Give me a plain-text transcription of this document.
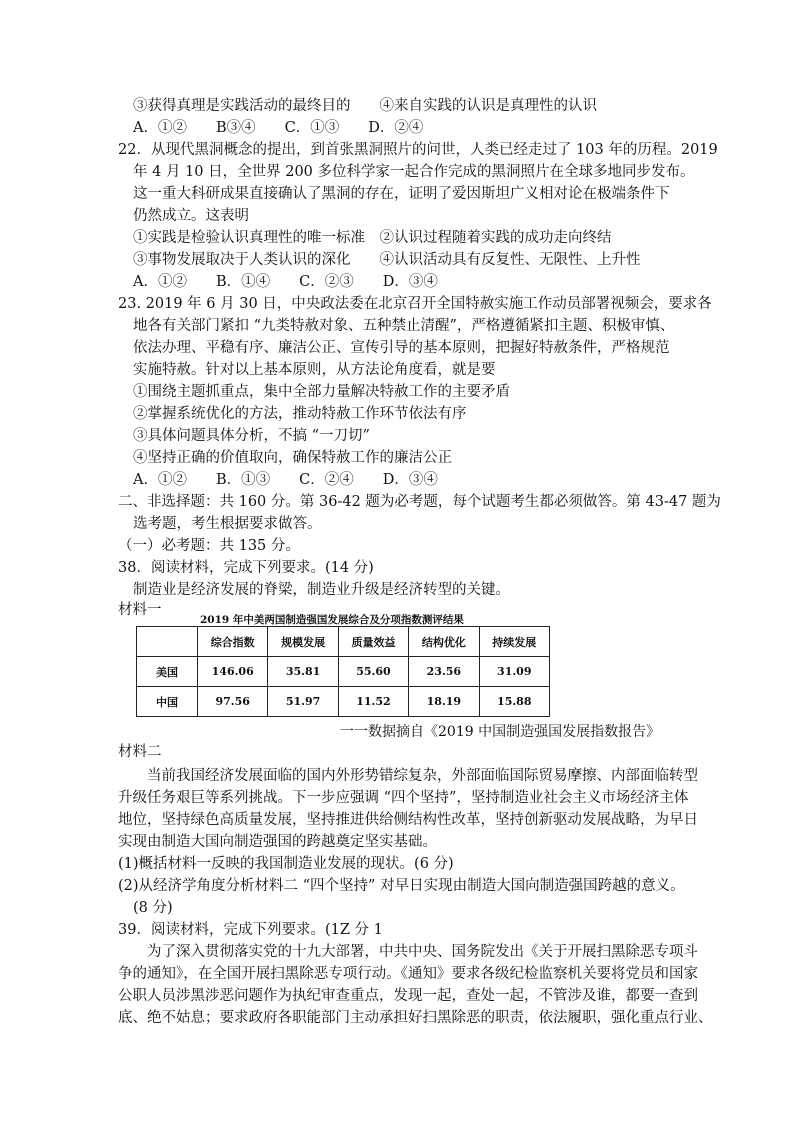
③获得真理是实践活动的最终目的　　④来自实践的认识是真理性的认识
A．①②　　B③④　　C．①③　　D．②④
22．从现代黑洞概念的提出，到首张黑洞照片的问世，人类已经走过了 103 年的历程。2019
年 4 月 10 日，全世界 200 多位科学家一起合作完成的黑洞照片在全球多地同步发布。
这一重大科研成果直接确认了黑洞的存在，证明了爱因斯坦广义相对论在极端条件下
仍然成立。这表明
①实践是检验认识真理性的唯一标准　②认识过程随着实践的成功走向终结
③事物发展取决于人类认识的深化　　④认识活动具有反复性、无限性、上升性
A．①②　　B．①④　　C．②③　　D．③④
23. 2019 年 6 月 30 日，中央政法委在北京召开全国特赦实施工作动员部署视频会，要求各
地各有关部门紧扣 “九类特赦对象、五种禁止清醒”，严格遵循紧扣主题、积极审慎、
依法办理、平稳有序、廉洁公正、宣传引导的基本原则，把握好特赦条件，严格规范
实施特赦。针对以上基本原则，从方法论角度看，就是要
①围绕主题抓重点，集中全部力量解决特赦工作的主要矛盾
②掌握系统优化的方法，推动特赦工作环节依法有序
③具体问题具体分析，不搞 “一刀切”
④坚持正确的价值取向，确保特赦工作的廉洁公正
A．①②　　B．①③　　C．②④　　D．③④
二、非选择题：共 160 分。第 36-42 题为必考题，每个试题考生都必须做答。第 43-47 题为
选考题，考生根据要求做答。
（一）必考题：共 135 分。
38．阅读材料，完成下列要求。(14 分)
制造业是经济发展的脊梁，制造业升级是经济转型的关键。
材料一
2019 年中美两国制造强国发展综合及分项指数测评结果
	综合指数	规模发展	质量效益	结构优化	持续发展
美国	146.06	35.81	55.60	23.56	31.09
中国	97.56	51.97	11.52	18.19	15.88
一一数据摘自《2019 中国制造强国发展指数报告》
材料二
当前我国经济发展面临的国内外形势错综复杂，外部面临国际贸易摩擦、内部面临转型
升级任务艰巨等系列挑战。下一步应强调 “四个坚持”，坚持制造业社会主义市场经济主体
地位，坚持绿色高质量发展，坚持推进供给侧结构性改革，坚持创新驱动发展战略，为早日
实现由制造大国向制造强国的跨越奠定坚实基础。
(1)概括材料一反映的我国制造业发展的现状。(6 分)
(2)从经济学角度分析材料二 “四个坚持” 对早日实现由制造大国向制造强国跨越的意义。
(8 分)
39．阅读材料，完成下列要求。(1Z 分 1
为了深入贯彻落实党的十九大部署，中共中央、国务院发出《关于开展扫黑除恶专项斗
争的通知》，在全国开展扫黑除恶专项行动。《通知》要求各级纪检监察机关要将党员和国家
公职人员涉黑涉恶问题作为执纪审查重点，发现一起，查处一起，不管涉及谁，都要一查到
底、绝不姑息；要求政府各职能部门主动承担好扫黑除恶的职责，依法履职，强化重点行业、
